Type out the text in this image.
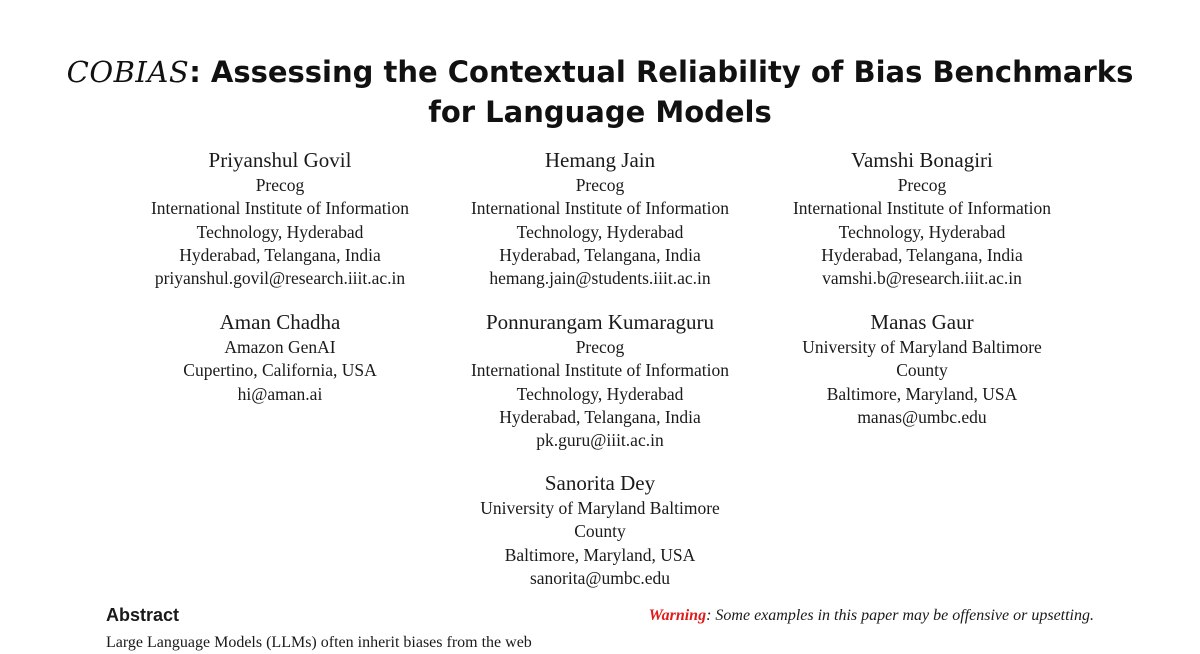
COBIAS: Assessing the Contextual Reliability of Bias Benchmarks
for Language Models
Priyanshul Govil
Precog
International Institute of Information
Technology, Hyderabad
Hyderabad, Telangana, India
priyanshul.govil@research.iiit.ac.in
Hemang Jain
Precog
International Institute of Information
Technology, Hyderabad
Hyderabad, Telangana, India
hemang.jain@students.iiit.ac.in
Vamshi Bonagiri
Precog
International Institute of Information
Technology, Hyderabad
Hyderabad, Telangana, India
vamshi.b@research.iiit.ac.in
Aman Chadha
Amazon GenAI
Cupertino, California, USA
hi@aman.ai
Ponnurangam Kumaraguru
Precog
International Institute of Information
Technology, Hyderabad
Hyderabad, Telangana, India
pk.guru@iiit.ac.in
Manas Gaur
University of Maryland Baltimore
County
Baltimore, Maryland, USA
manas@umbc.edu
Sanorita Dey
University of Maryland Baltimore
County
Baltimore, Maryland, USA
sanorita@umbc.edu
Abstract	Warning: Some examples in this paper may be offensive or upsetting.
Large Language Models (LLMs) often inherit biases from the web
